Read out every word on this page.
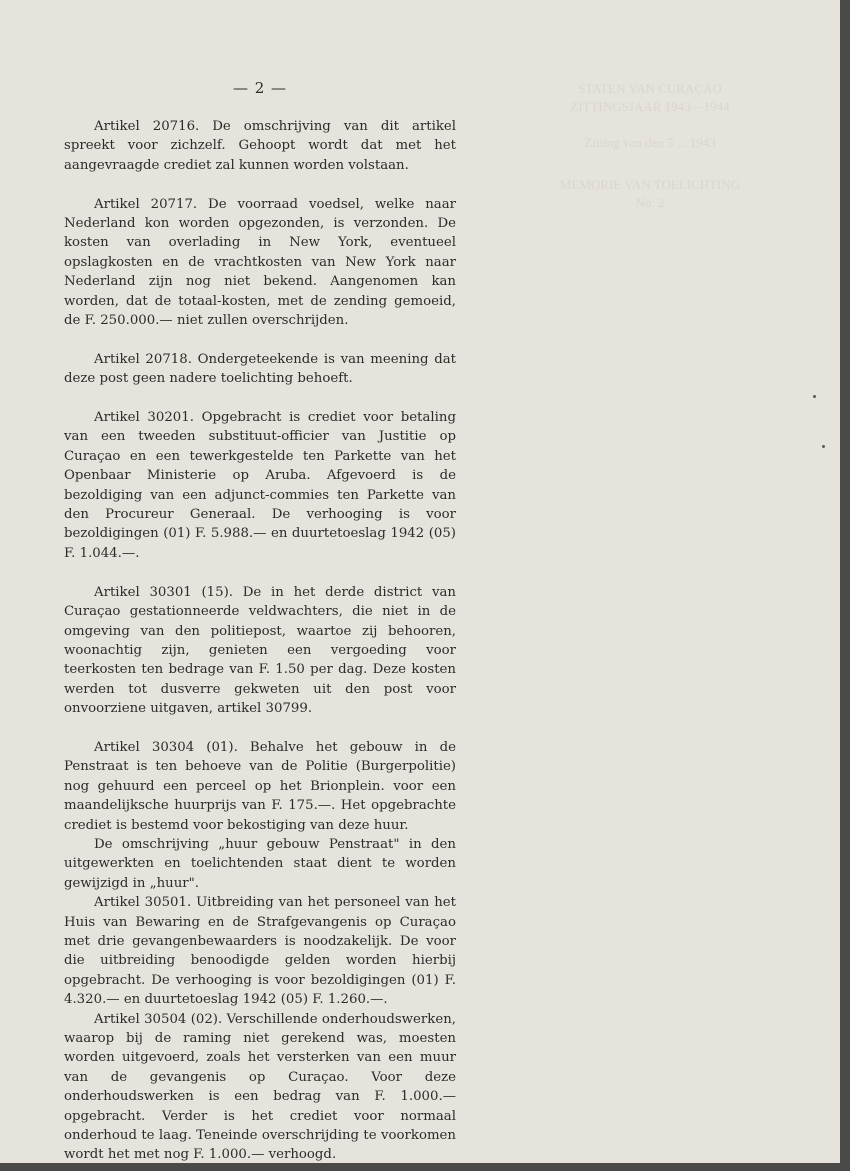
STATEN VAN CURAÇAO
ZITTINGSJAAR 1943—1944

Zitting van den 5 ... 1943
MEMORIE VAN TOELICHTING
No. 2
— 2 —

Artikel 20716. De omschrijving van dit artikel spreekt voor zichzelf. Gehoopt wordt dat met het aangevraagde crediet zal kunnen worden volstaan.

Artikel 20717. De voorraad voedsel, welke naar Nederland kon worden opgezonden, is verzonden. De kosten van overlading in New York, eventueel opslagkosten en de vrachtkosten van New York naar Nederland zijn nog niet bekend. Aangenomen kan worden, dat de totaal-kosten, met de zending gemoeid, de F. 250.000.— niet zullen overschrijden.

Artikel 20718. Ondergeteekende is van meening dat deze post geen nadere toelichting behoeft.

Artikel 30201. Opgebracht is crediet voor betaling van een tweeden substituut-officier van Justitie op Curaçao en een tewerkgestelde ten Parkette van het Openbaar Ministerie op Aruba. Afgevoerd is de bezoldiging van een adjunct-commies ten Parkette van den Procureur Generaal. De verhooging is voor bezoldigingen (01) F. 5.988.— en duurtetoeslag 1942 (05) F. 1.044.—.

Artikel 30301 (15). De in het derde district van Curaçao gestationneerde veldwachters, die niet in de omgeving van den politiepost, waartoe zij behooren, woonachtig zijn, genieten een vergoeding voor teerkosten ten bedrage van F. 1.50 per dag. Deze kosten werden tot dusverre gekweten uit den post voor onvoorziene uitgaven, artikel 30799.

Artikel 30304 (01). Behalve het gebouw in de Penstraat is ten behoeve van de Politie (Burgerpolitie) nog gehuurd een perceel op het Brionplein. voor een maandelijksche huurprijs van F. 175.—. Het opgebrachte crediet is bestemd voor bekostiging van deze huur.

De omschrijving „huur gebouw Penstraat" in den uitgewerkten en toelichtenden staat dient te worden gewijzigd in „huur".

Artikel 30501. Uitbreiding van het personeel van het Huis van Bewaring en de Strafgevangenis op Curaçao met drie gevangenbewaarders is noodzakelijk. De voor die uitbreiding benoodigde gelden worden hierbij opgebracht. De verhooging is voor bezoldigingen (01) F. 4.320.— en duurtetoeslag 1942 (05) F. 1.260.—.

Artikel 30504 (02). Verschillende onderhoudswerken, waarop bij de raming niet gerekend was, moesten worden uitgevoerd, zoals het versterken van een muur van de gevangenis op Curaçao. Voor deze onderhoudswerken is een bedrag van F. 1.000.— opgebracht. Verder is het crediet voor normaal onderhoud te laag. Teneinde overschrijding te voorkomen wordt het met nog F. 1.000.— verhoogd.
